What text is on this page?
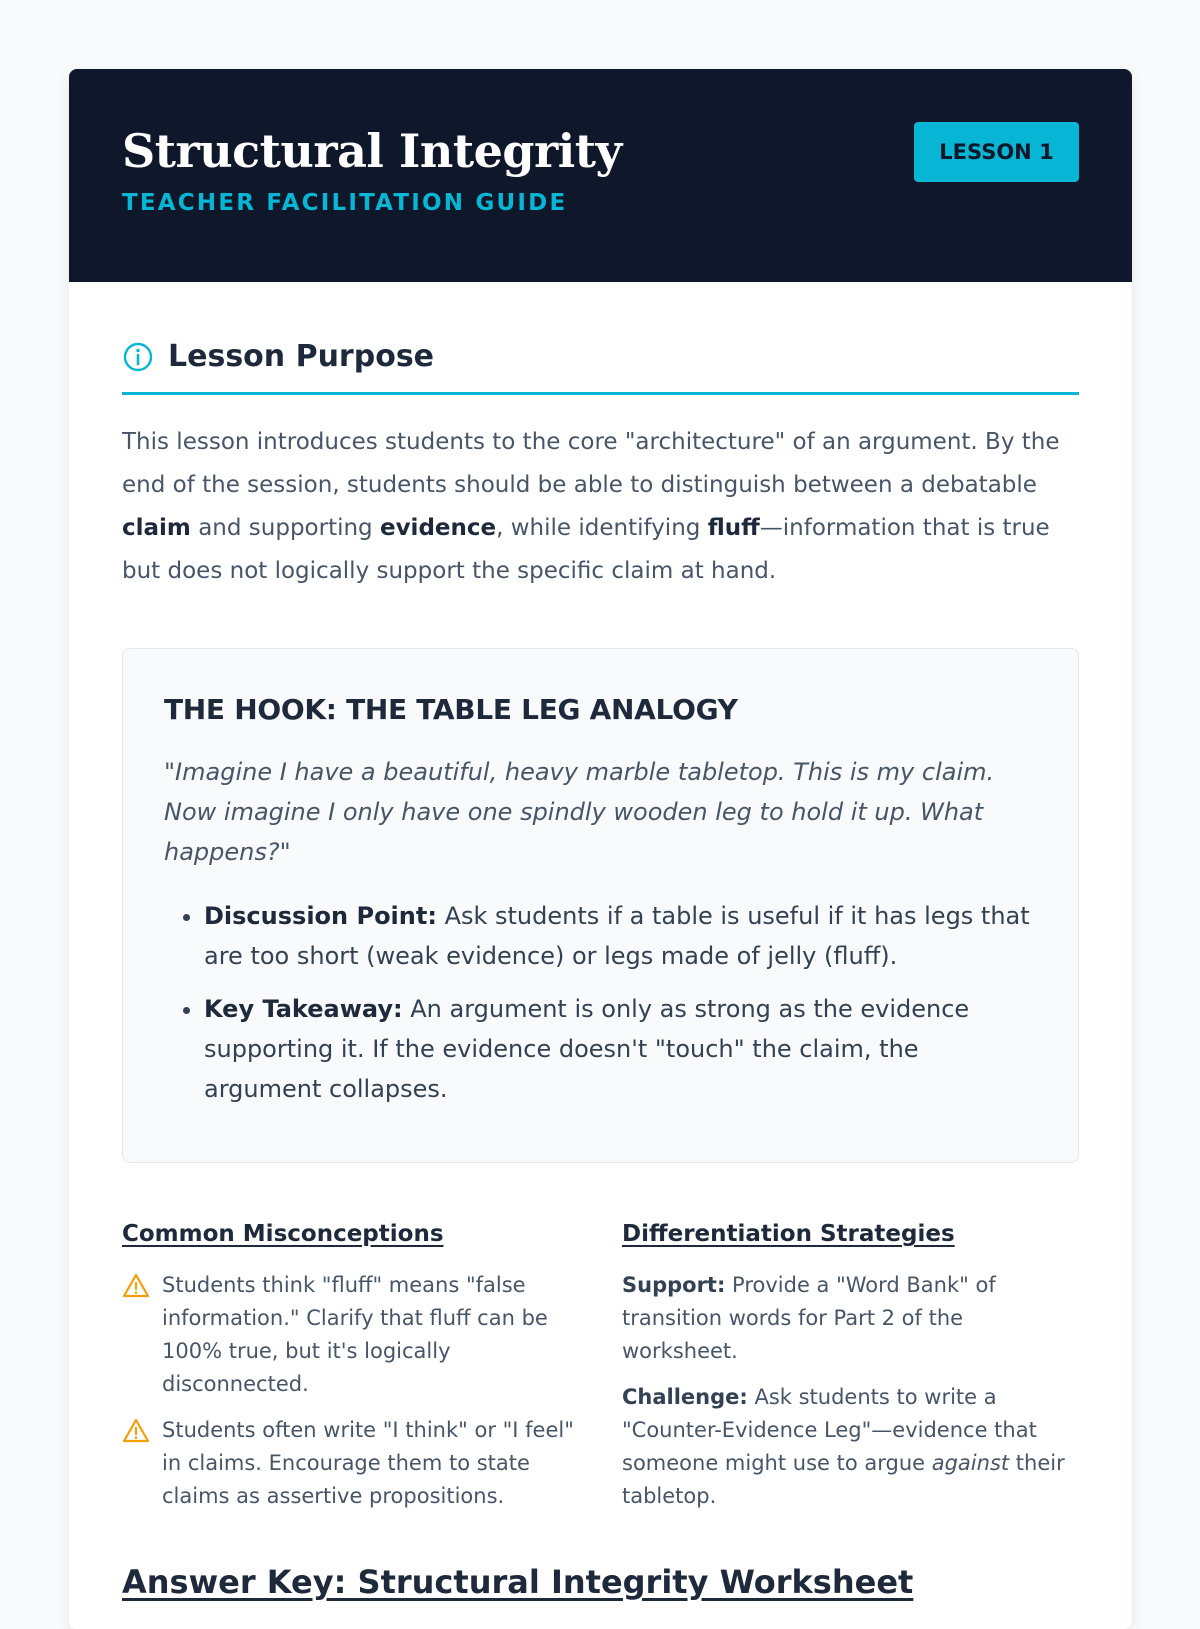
Structural Integrity
TEACHER FACILITATION GUIDE
LESSON 1
Lesson Purpose

This lesson introduces students to the core "architecture" of an argument. By the end of the session, students should be able to distinguish between a debatable claim and supporting evidence, while identifying fluff—information that is true but does not logically support the specific claim at hand.

THE HOOK: THE TABLE LEG ANALOGY

"Imagine I have a beautiful, heavy marble tabletop. This is my claim. Now imagine I only have one spindly wooden leg to hold it up. What happens?"

• Discussion Point: Ask students if a table is useful if it has legs that are too short (weak evidence) or legs made of jelly (fluff).
• Key Takeaway: An argument is only as strong as the evidence supporting it. If the evidence doesn't "touch" the claim, the argument collapses.
Common Misconceptions
Students think "fluff" means "false information." Clarify that fluff can be 100% true, but it's logically disconnected.
Students often write "I think" or "I feel" in claims. Encourage them to state claims as assertive propositions.
Differentiation Strategies

Support: Provide a "Word Bank" of transition words for Part 2 of the worksheet.

Challenge: Ask students to write a "Counter-Evidence Leg"—evidence that someone might use to argue against their tabletop.

Answer Key: Structural Integrity Worksheet
